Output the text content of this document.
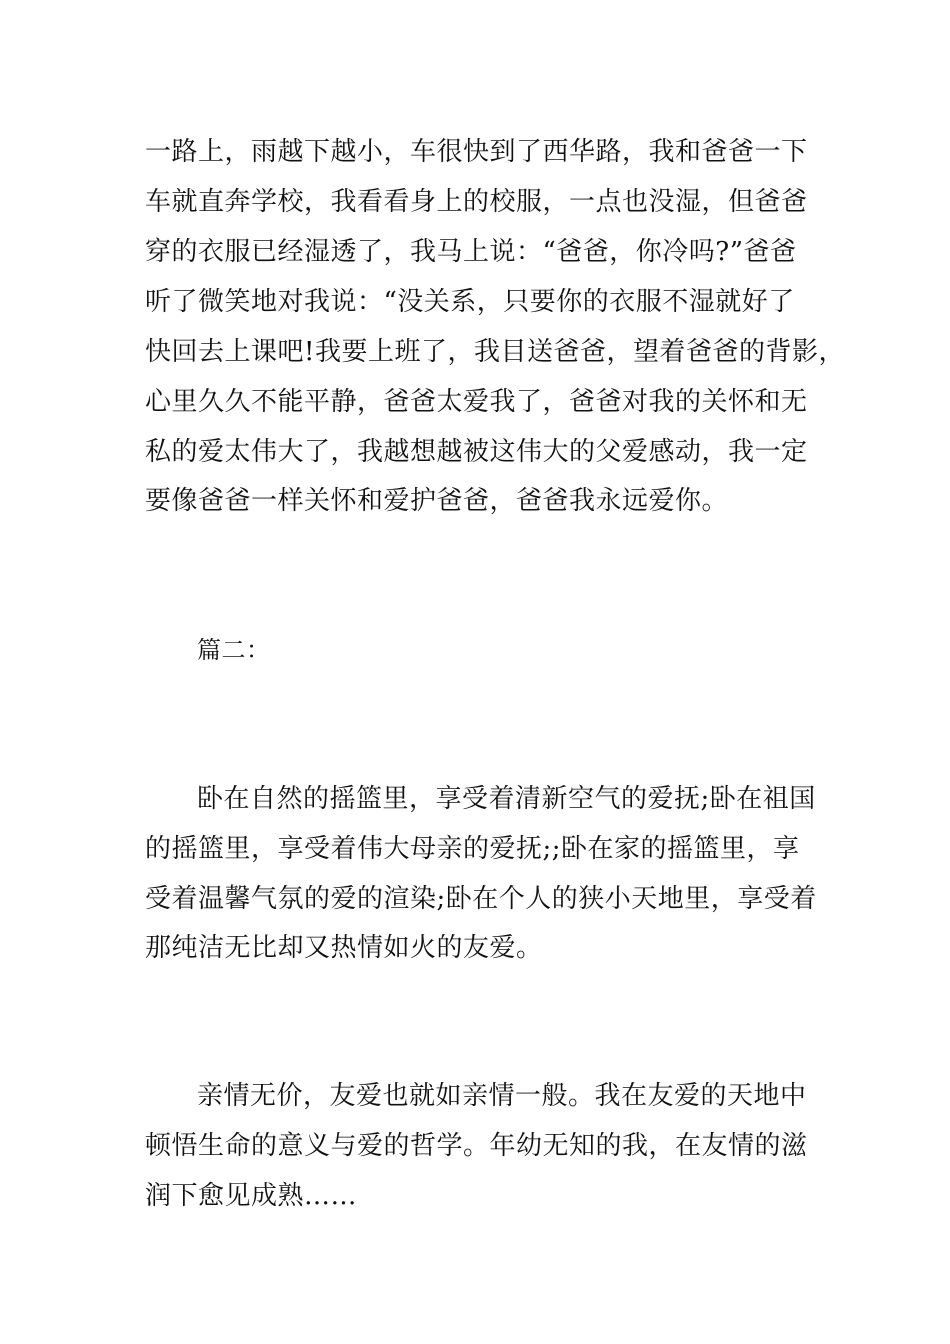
一路上，雨越下越小，车很快到了西华路，我和爸爸一下
车就直奔学校，我看看身上的校服，一点也没湿，但爸爸
穿的衣服已经湿透了，我马上说：“爸爸，你冷吗?”爸爸
听了微笑地对我说：“没关系，只要你的衣服不湿就好了
快回去上课吧!我要上班了，我目送爸爸，望着爸爸的背影，
心里久久不能平静，爸爸太爱我了，爸爸对我的关怀和无
私的爱太伟大了，我越想越被这伟大的父爱感动，我一定
要像爸爸一样关怀和爱护爸爸，爸爸我永远爱你。
篇二：
卧在自然的摇篮里，享受着清新空气的爱抚;卧在祖国
的摇篮里，享受着伟大母亲的爱抚;;卧在家的摇篮里，享
受着温馨气氛的爱的渲染;卧在个人的狭小天地里，享受着
那纯洁无比却又热情如火的友爱。
亲情无价，友爱也就如亲情一般。我在友爱的天地中
顿悟生命的意义与爱的哲学。年幼无知的我，在友情的滋
润下愈见成熟……
